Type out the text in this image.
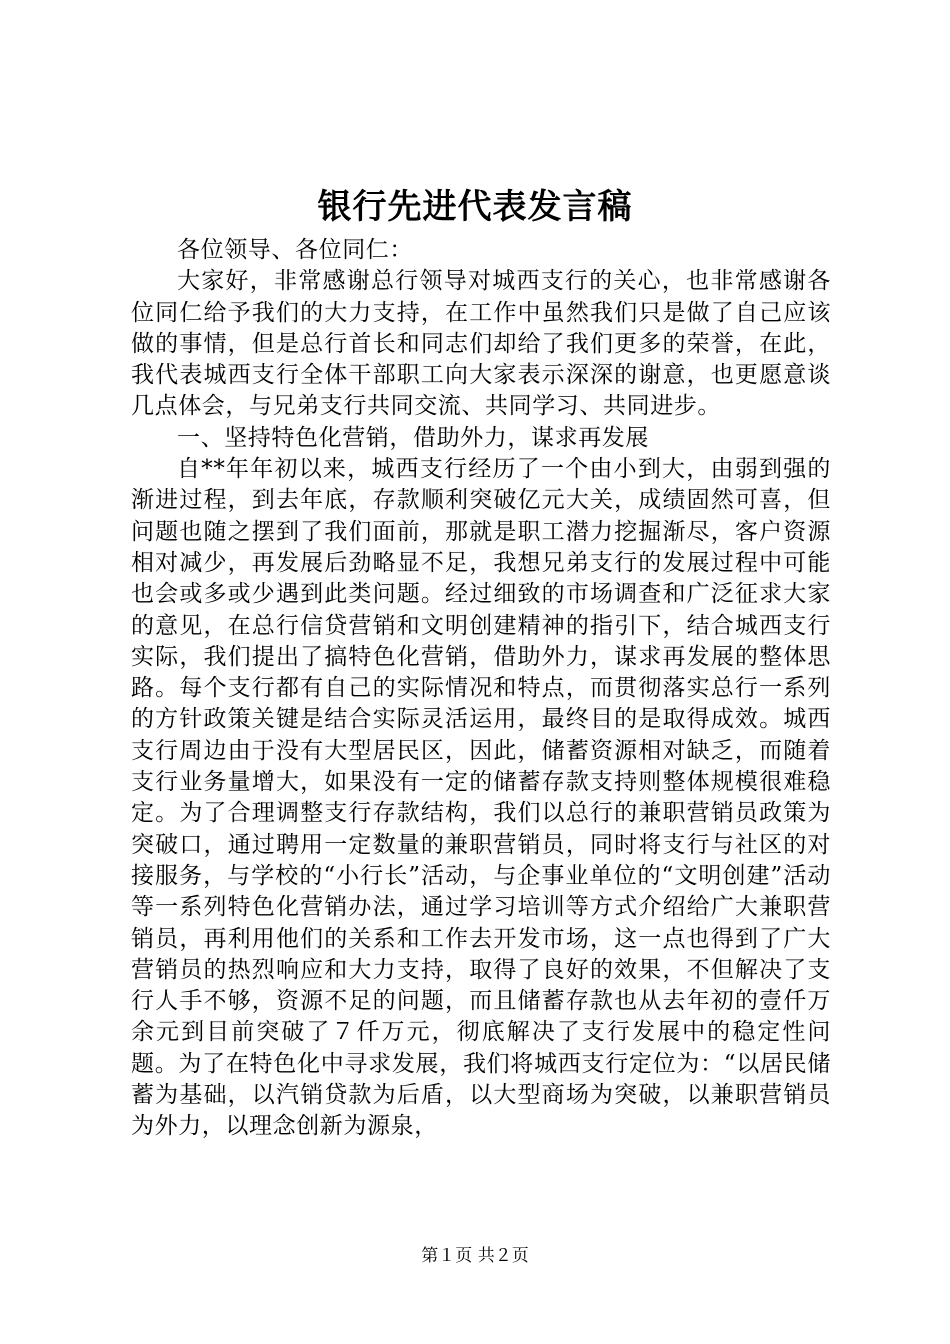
银行先进代表发言稿

各位领导、各位同仁：

大家好，非常感谢总行领导对城西支行的关心，也非常感谢各位同仁给予我们的大力支持，在工作中虽然我们只是做了自己应该做的事情，但是总行首长和同志们却给了我们更多的荣誉，在此，我代表城西支行全体干部职工向大家表示深深的谢意，也更愿意谈几点体会，与兄弟支行共同交流、共同学习、共同进步。

一、坚持特色化营销，借助外力，谋求再发展

自**年年初以来，城西支行经历了一个由小到大，由弱到强的渐进过程，到去年底，存款顺利突破亿元大关，成绩固然可喜，但问题也随之摆到了我们面前，那就是职工潜力挖掘渐尽，客户资源相对减少，再发展后劲略显不足，我想兄弟支行的发展过程中可能也会或多或少遇到此类问题。经过细致的市场调查和广泛征求大家的意见，在总行信贷营销和文明创建精神的指引下，结合城西支行实际，我们提出了搞特色化营销，借助外力，谋求再发展的整体思路。每个支行都有自己的实际情况和特点，而贯彻落实总行一系列的方针政策关键是结合实际灵活运用，最终目的是取得成效。城西支行周边由于没有大型居民区，因此，储蓄资源相对缺乏，而随着支行业务量增大，如果没有一定的储蓄存款支持则整体规模很难稳定。为了合理调整支行存款结构，我们以总行的兼职营销员政策为突破口，通过聘用一定数量的兼职营销员，同时将支行与社区的对接服务，与学校的“小行长”活动，与企事业单位的“文明创建”活动等一系列特色化营销办法，通过学习培训等方式介绍给广大兼职营销员，再利用他们的关系和工作去开发市场，这一点也得到了广大营销员的热烈响应和大力支持，取得了良好的效果，不但解决了支行人手不够，资源不足的问题，而且储蓄存款也从去年初的壹仟万余元到目前突破了７仟万元，彻底解决了支行发展中的稳定性问题。为了在特色化中寻求发展，我们将城西支行定位为：“以居民储蓄为基础，以汽销贷款为后盾，以大型商场为突破，以兼职营销员为外力，以理念创新为源泉，

第１页 共２页
